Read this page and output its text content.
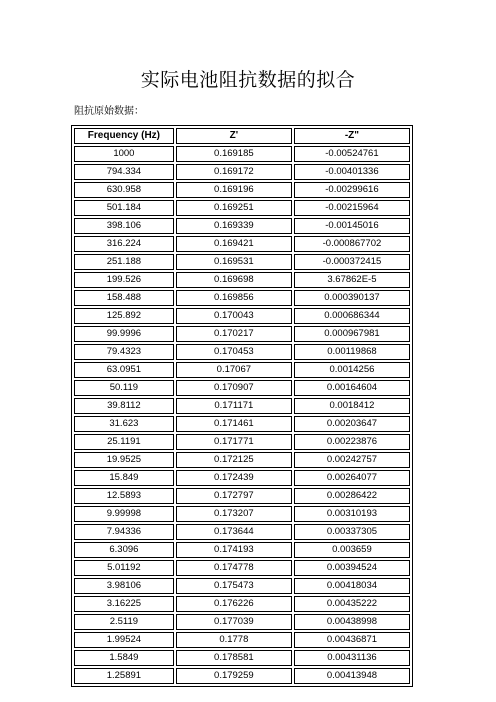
实际电池阻抗数据的拟合
阻抗原始数据：
Frequency (Hz)	Z'	-Z"
1000	0.169185	-0.00524761
794.334	0.169172	-0.00401336
630.958	0.169196	-0.00299616
501.184	0.169251	-0.00215964
398.106	0.169339	-0.00145016
316.224	0.169421	-0.000867702
251.188	0.169531	-0.000372415
199.526	0.169698	3.67862E-5
158.488	0.169856	0.000390137
125.892	0.170043	0.000686344
99.9996	0.170217	0.000967981
79.4323	0.170453	0.00119868
63.0951	0.17067	0.0014256
50.119	0.170907	0.00164604
39.8112	0.171171	0.0018412
31.623	0.171461	0.00203647
25.1191	0.171771	0.00223876
19.9525	0.172125	0.00242757
15.849	0.172439	0.00264077
12.5893	0.172797	0.00286422
9.99998	0.173207	0.00310193
7.94336	0.173644	0.00337305
6.3096	0.174193	0.003659
5.01192	0.174778	0.00394524
3.98106	0.175473	0.00418034
3.16225	0.176226	0.00435222
2.5119	0.177039	0.00438998
1.99524	0.1778	0.00436871
1.5849	0.178581	0.00431136
1.25891	0.179259	0.00413948
